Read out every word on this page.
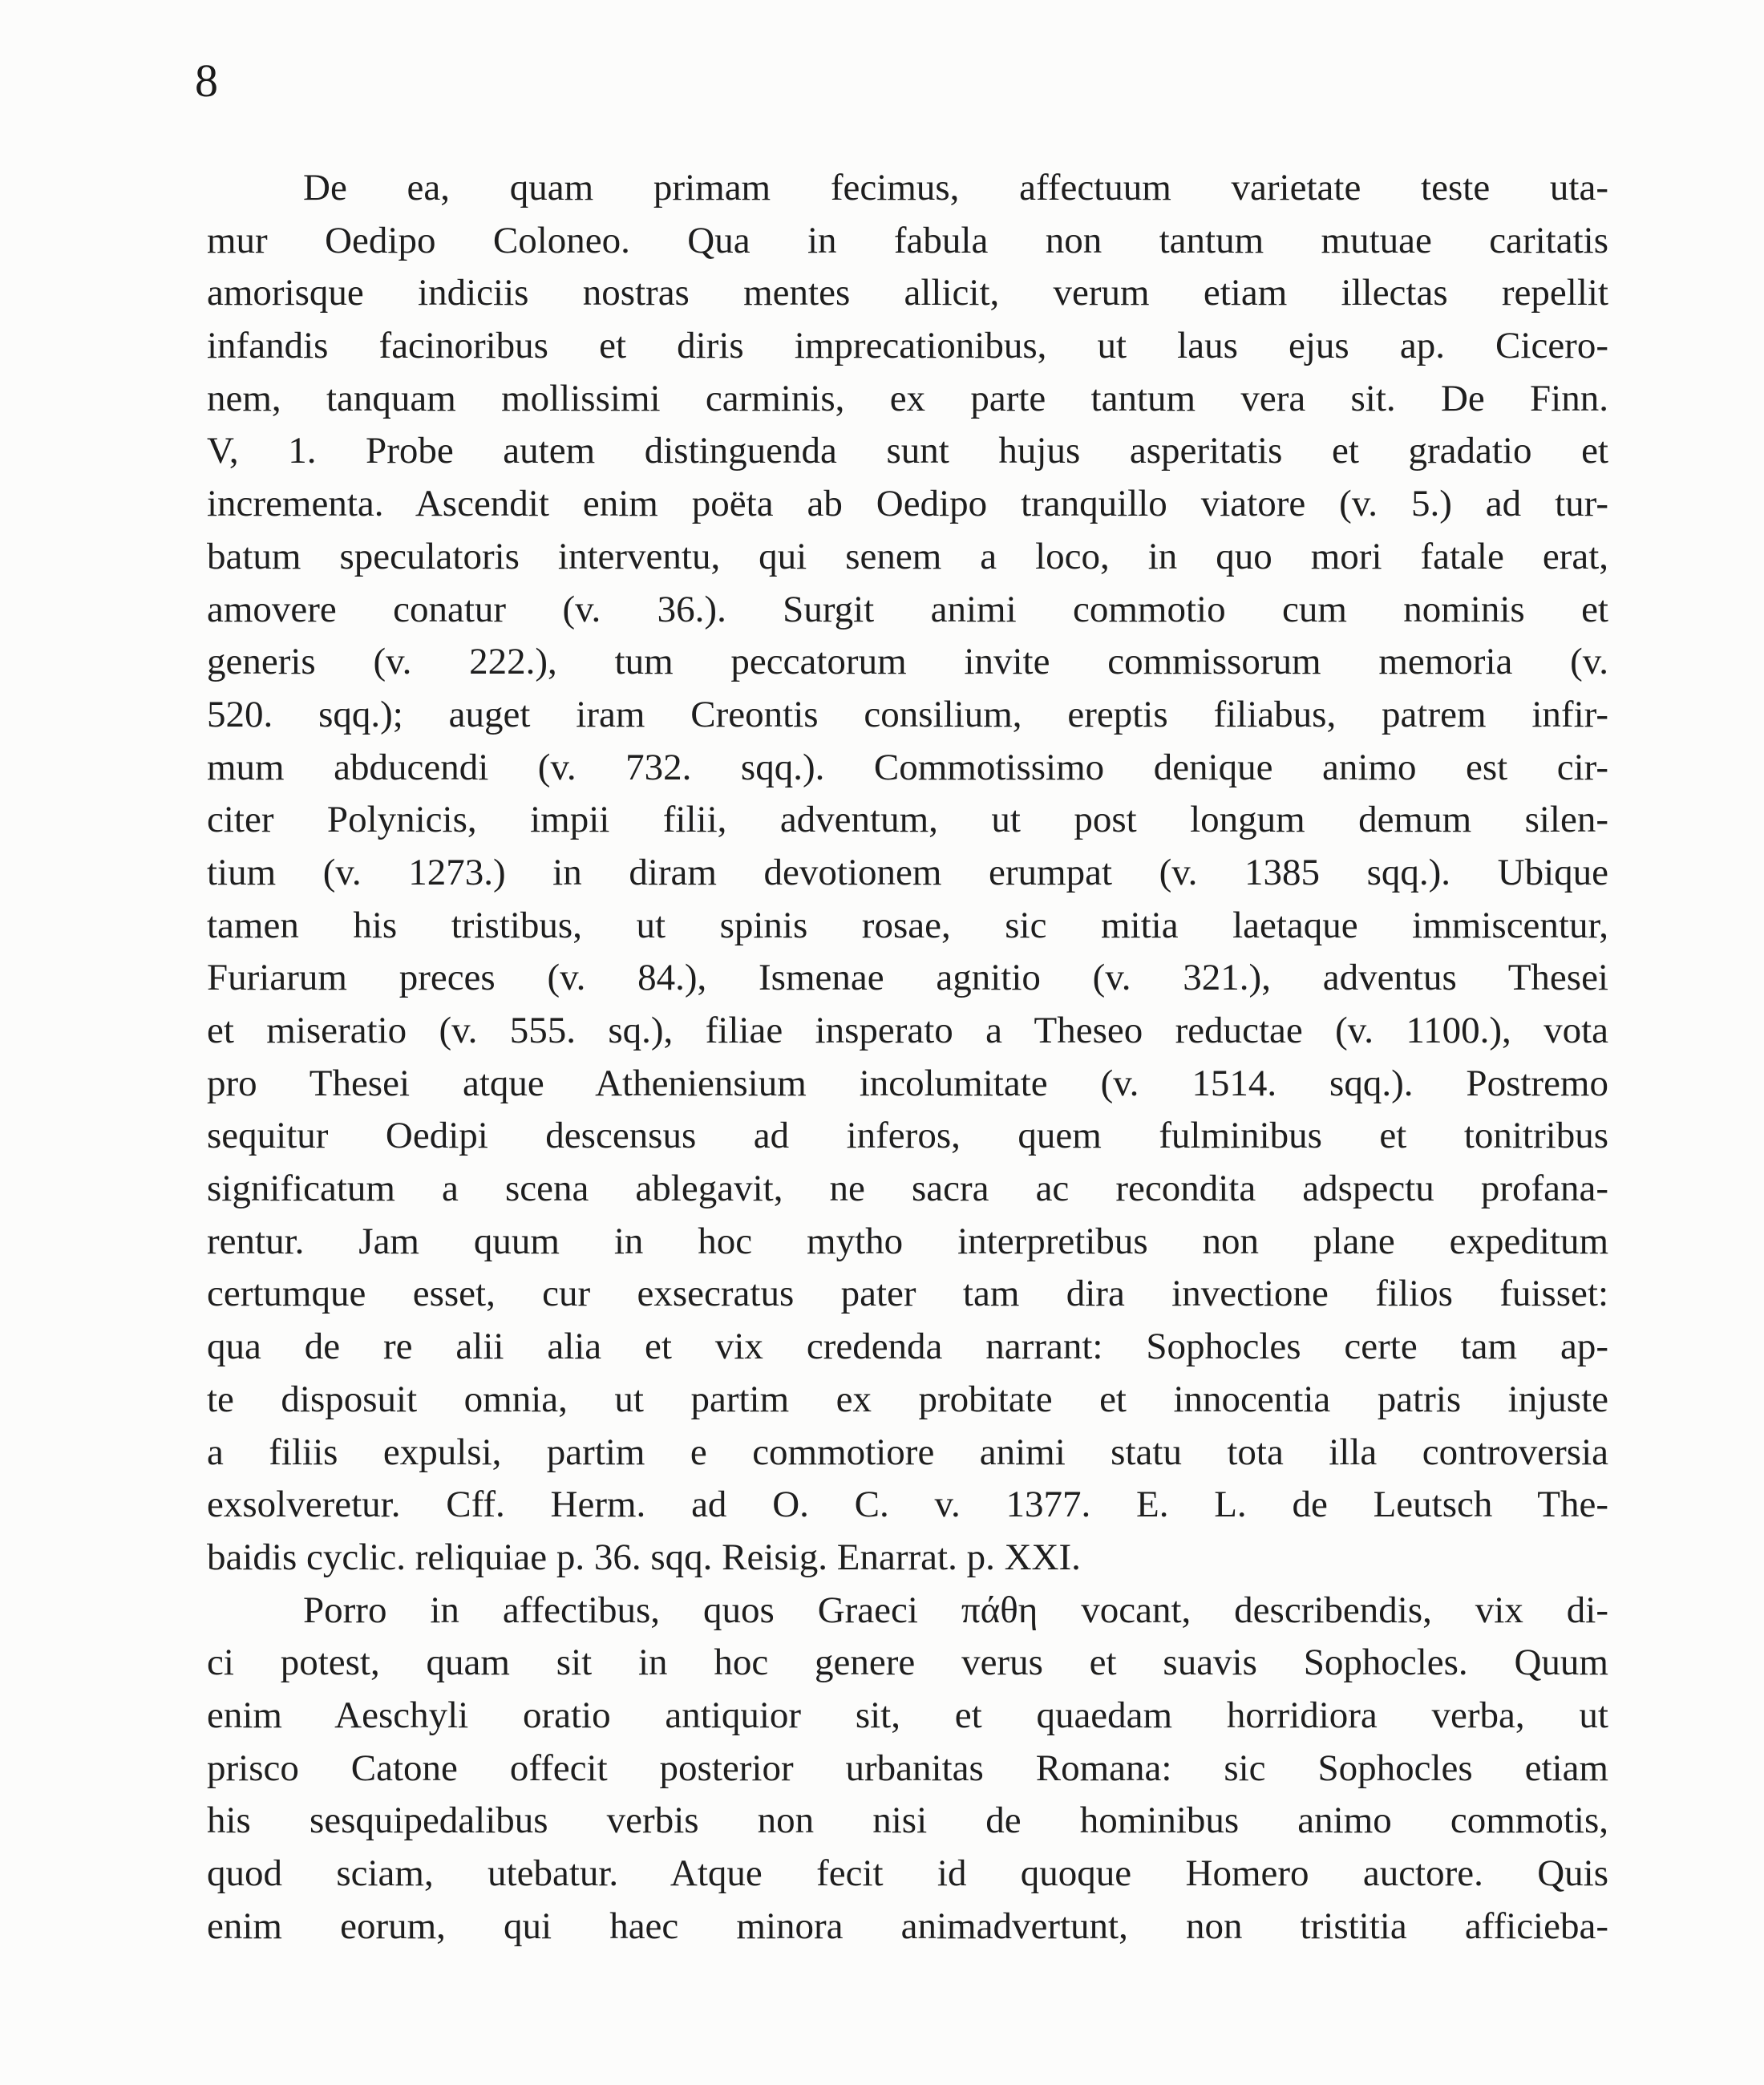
8
De ea, quam primam fecimus, affectuum varietate teste uta-
mur Oedipo Coloneo. Qua in fabula non tantum mutuae caritatis
amorisque indiciis nostras mentes allicit, verum etiam illectas repellit
infandis facinoribus et diris imprecationibus, ut laus ejus ap. Cicero-
nem, tanquam mollissimi carminis, ex parte tantum vera sit. De Finn.
V, 1. Probe autem distinguenda sunt hujus asperitatis et gradatio et
incrementa. Ascendit enim poëta ab Oedipo tranquillo viatore (v. 5.) ad tur-
batum speculatoris interventu, qui senem a loco, in quo mori fatale erat,
amovere conatur (v. 36.). Surgit animi commotio cum nominis et
generis (v. 222.), tum peccatorum invite commissorum memoria (v.
520. sqq.); auget iram Creontis consilium, ereptis filiabus, patrem infir-
mum abducendi (v. 732. sqq.). Commotissimo denique animo est cir-
citer Polynicis, impii filii, adventum, ut post longum demum silen-
tium (v. 1273.) in diram devotionem erumpat (v. 1385 sqq.). Ubique
tamen his tristibus, ut spinis rosae, sic mitia laetaque immiscentur,
Furiarum preces (v. 84.), Ismenae agnitio (v. 321.), adventus Thesei
et miseratio (v. 555. sq.), filiae insperato a Theseo reductae (v. 1100.), vota
pro Thesei atque Atheniensium incolumitate (v. 1514. sqq.). Postremo
sequitur Oedipi descensus ad inferos, quem fulminibus et tonitribus
significatum a scena ablegavit, ne sacra ac recondita adspectu profana-
rentur. Jam quum in hoc mytho interpretibus non plane expeditum
certumque esset, cur exsecratus pater tam dira invectione filios fuisset:
qua de re alii alia et vix credenda narrant: Sophocles certe tam ap-
te disposuit omnia, ut partim ex probitate et innocentia patris injuste
a filiis expulsi, partim e commotiore animi statu tota illa controversia
exsolveretur. Cff. Herm. ad O. C. v. 1377. E. L. de Leutsch The-
baidis cyclic. reliquiae p. 36. sqq. Reisig. Enarrat. p. XXI.
Porro in affectibus, quos Graeci πάθη vocant, describendis, vix di-
ci potest, quam sit in hoc genere verus et suavis Sophocles. Quum
enim Aeschyli oratio antiquior sit, et quaedam horridiora verba, ut
prisco Catone offecit posterior urbanitas Romana: sic Sophocles etiam
his sesquipedalibus verbis non nisi de hominibus animo commotis,
quod sciam, utebatur. Atque fecit id quoque Homero auctore. Quis
enim eorum, qui haec minora animadvertunt, non tristitia afficieba-
